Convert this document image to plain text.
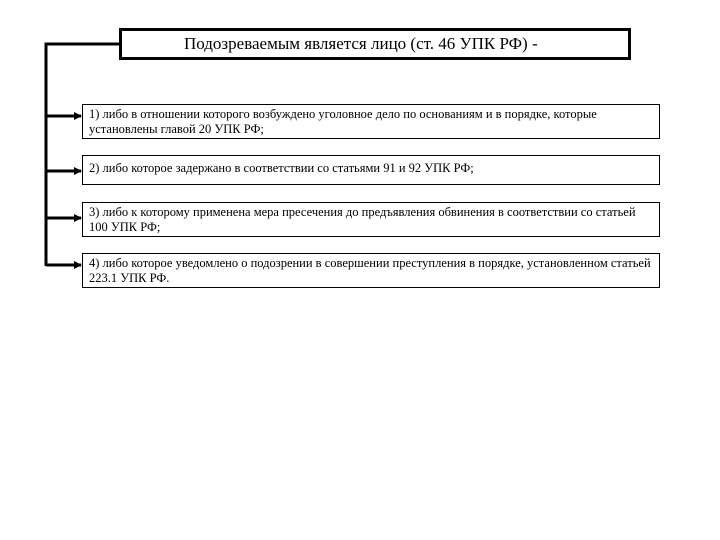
Подозреваемым является лицо (ст. 46 УПК РФ) -
1) либо в отношении которого возбуждено уголовное дело по основаниям и в порядке, которые установлены главой 20 УПК РФ;
2) либо которое задержано в соответствии со статьями 91 и 92 УПК РФ;
3) либо к которому применена мера пресечения до предъявления обвинения в соответствии со статьей 100 УПК РФ;
4) либо которое уведомлено о подозрении в совершении преступления в порядке, установленном статьей 223.1 УПК РФ.
